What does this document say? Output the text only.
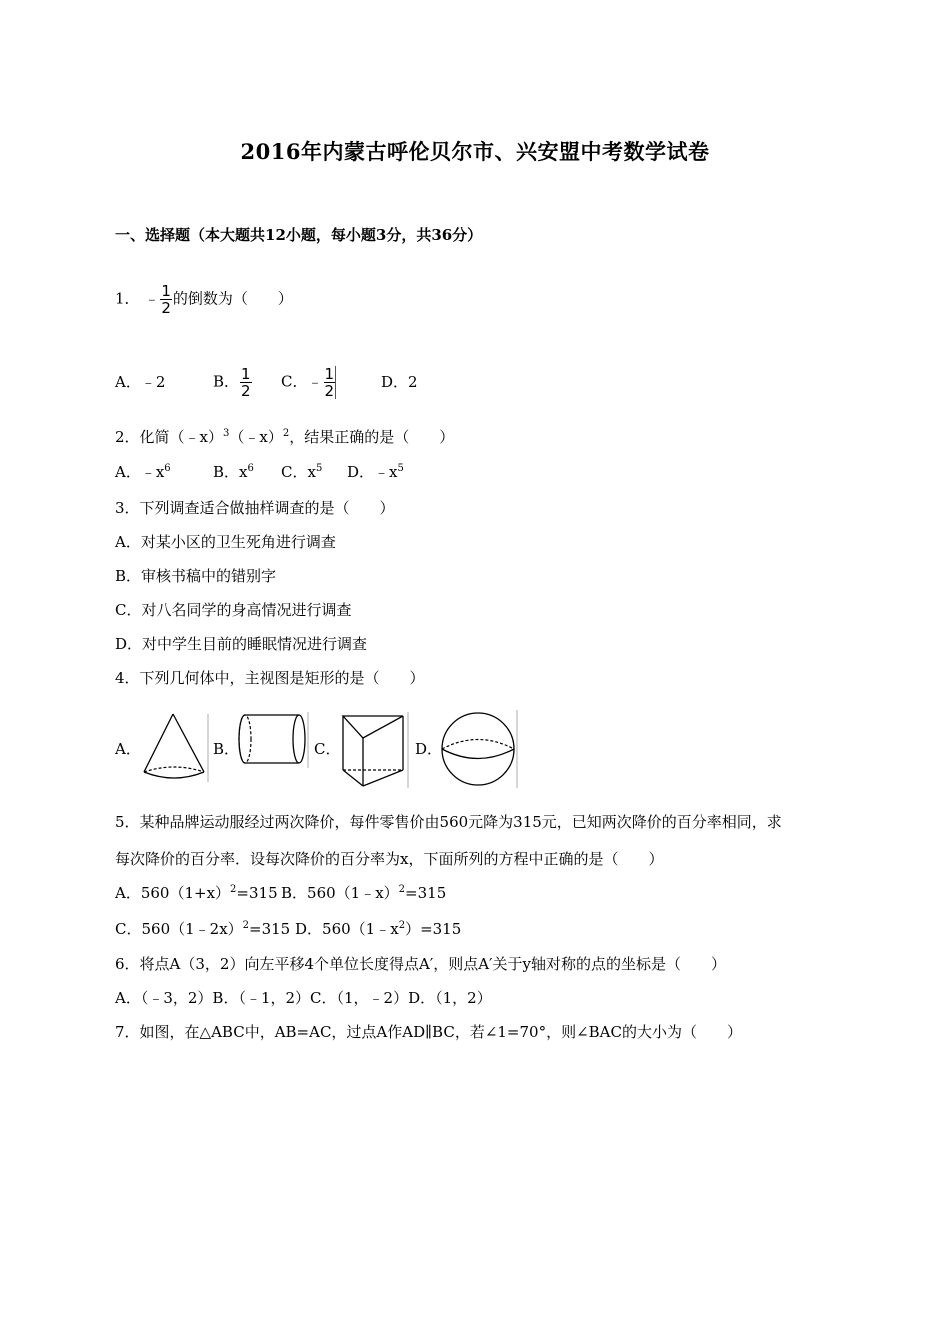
2016年内蒙古呼伦贝尔市、兴安盟中考数学试卷
一、选择题（本大题共12小题，每小题3分，共36分）
1． ﹣ $\frac{1}{2}$ 的倒数为（　　）
A．﹣2	B． $\frac{1}{2}$ C．﹣ $\frac{1}{2}$	D．2
2．化简（﹣x）$^3$（﹣x）$^2$，结果正确的是（　　）
A．$﹣x^6$	B．$x^6$ C．$x^5$ D．$﹣x^5$
3．下列调查适合做抽样调查的是（　　）
A．对某小区的卫生死角进行调查
B．审核书稿中的错别字
C．对八名同学的身高情况进行调查
D．对中学生目前的睡眠情况进行调查
4．下列几何体中，主视图是矩形的是（　　）
A．	B．	C．	D．
5．某种品牌运动服经过两次降价，每件零售价由560元降为315元，已知两次降价的百分率相同，求
每次降价的百分率．设每次降价的百分率为x，下面所列的方程中正确的是（　　）
A．$560(1+x)^2=315$ B．560（1﹣x）$^2$=315
C．560（1﹣2x）$^2$=315 D．$560(1﹣x^2)=315$
6．将点A（3，2）向左平移4个单位长度得点A′，则点A′关于y轴对称的点的坐标是（　　）
A．（﹣3，2）B．（﹣1，2）C．（1，﹣2）D．（1，2）
7．如图，在△ABC中，AB=AC，过点A作AD∥BC，若∠1=70°，则∠BAC的大小为（　　）
